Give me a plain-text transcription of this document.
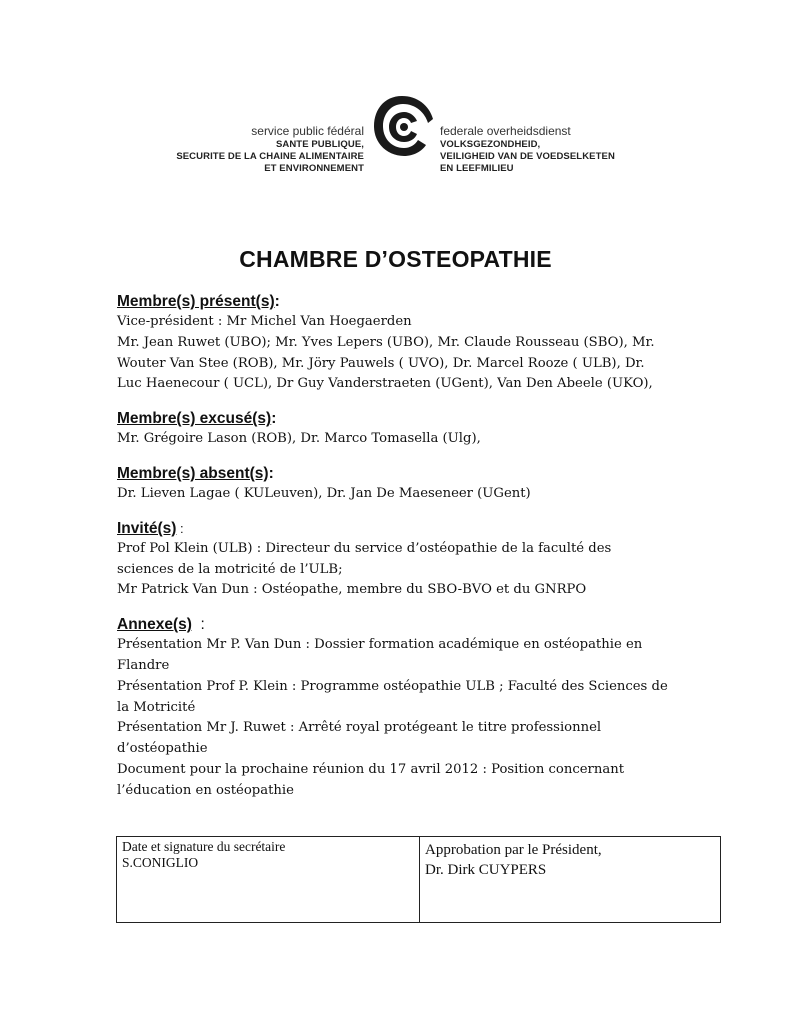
service public fédéral
SANTE PUBLIQUE,
SECURITE DE LA CHAINE ALIMENTAIRE
ET ENVIRONNEMENT
federale overheidsdienst
VOLKSGEZONDHEID,
VEILIGHEID VAN DE VOEDSELKETEN
EN LEEFMILIEU
CHAMBRE D’OSTEOPATHIE

Membre(s) présent(s):

Vice-président : Mr Michel Van Hoegaerden

Mr. Jean Ruwet (UBO); Mr. Yves Lepers (UBO), Mr. Claude Rousseau (SBO), Mr.

Wouter Van Stee (ROB), Mr. Jöry Pauwels ( UVO), Dr. Marcel Rooze ( ULB), Dr.

Luc Haenecour ( UCL), Dr Guy Vanderstraeten (UGent), Van Den Abeele (UKO),

Membre(s) excusé(s):

Mr. Grégoire Lason (ROB), Dr. Marco Tomasella (Ulg),

Membre(s) absent(s):

Dr. Lieven Lagae ( KULeuven), Dr. Jan De Maeseneer (UGent)

Invité(s) :

Prof Pol Klein (ULB) : Directeur du service d’ostéopathie de la faculté des

sciences de la motricité de l’ULB;

Mr Patrick Van Dun : Ostéopathe, membre du SBO-BVO et du GNRPO

Annexe(s)  :

Présentation Mr P. Van Dun : Dossier formation académique en ostéopathie en

Flandre

Présentation Prof P. Klein : Programme ostéopathie ULB ; Faculté des Sciences de

la Motricité

Présentation Mr J. Ruwet : Arrêté royal protégeant le titre professionnel

d’ostéopathie

Document pour la prochaine réunion du 17 avril 2012 : Position concernant

l’éducation en ostéopathie

Date et signature du secrétaire
S.CONIGLIO

Approbation par le Président,
Dr. Dirk CUYPERS
